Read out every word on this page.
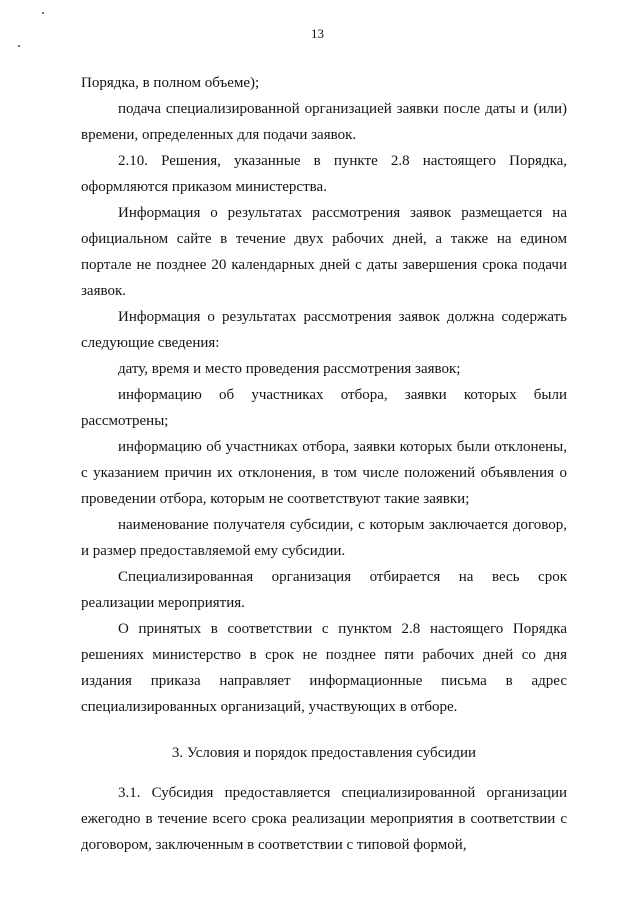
13

Порядка, в полном объеме);

подача специализированной организацией заявки после даты и (или) времени, определенных для подачи заявок.

2.10. Решения, указанные в пункте 2.8 настоящего Порядка, оформляются приказом министерства.

Информация о результатах рассмотрения заявок размещается на официальном сайте в течение двух рабочих дней, а также на едином портале не позднее 20 календарных дней с даты завершения срока подачи заявок.

Информация о результатах рассмотрения заявок должна содержать следующие сведения:

дату, время и место проведения рассмотрения заявок;

информацию об участниках отбора, заявки которых были рассмотрены;

информацию об участниках отбора, заявки которых были отклонены, с указанием причин их отклонения, в том числе положений объявления о проведении отбора, которым не соответствуют такие заявки;

наименование получателя субсидии, с которым заключается договор, и размер предоставляемой ему субсидии.

Специализированная организация отбирается на весь срок реализации мероприятия.

О принятых в соответствии с пунктом 2.8 настоящего Порядка решениях министерство в срок не позднее пяти рабочих дней со дня издания приказа направляет информационные письма в адрес специализированных организаций, участвующих в отборе.

3. Условия и порядок предоставления субсидии

3.1. Субсидия предоставляется специализированной организации ежегодно в течение всего срока реализации мероприятия в соответствии с договором, заключенным в соответствии с типовой формой,
